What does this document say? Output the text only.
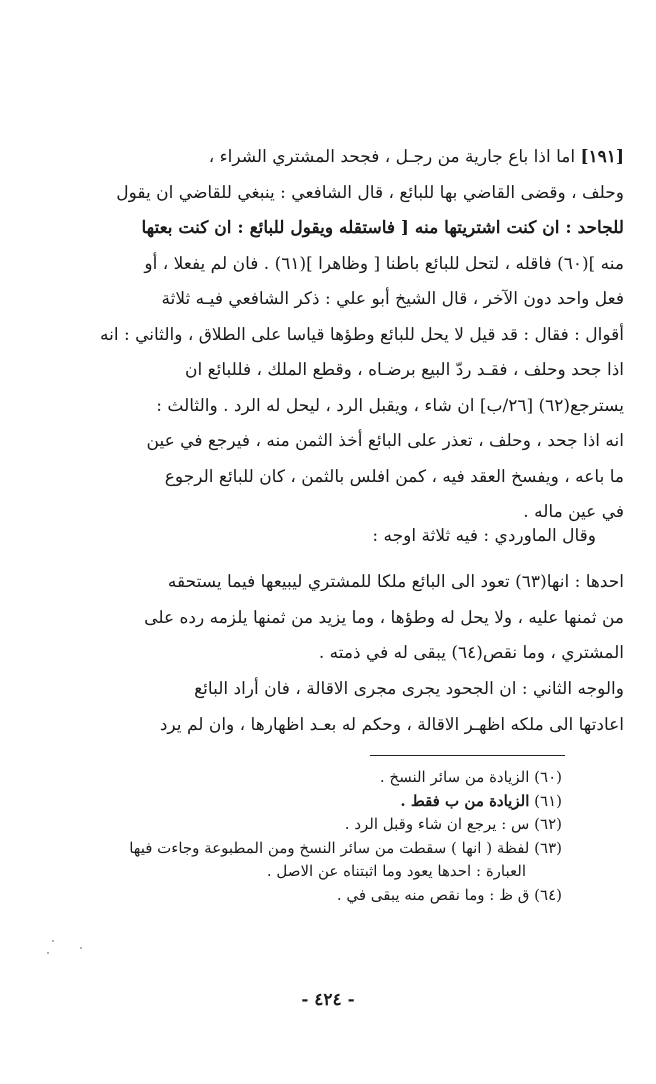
[١٩١] اما اذا باع جارية من رجـل ، فجحد المشتري الشراء ،

وحلف ، وقضى القاضي بها للبائع ، قال الشافعي : ينبغي للقاضي ان يقول

للجاحد : ان كنت اشتريتها منه [ فاستقله ويقول للبائع : ان كنت بعتها

منه ](٦٠) فاقله ، لتحل للبائع باطنا [ وظاهرا ](٦١) . فان لم يفعلا ، أو

فعل واحد دون الآخر ، قال الشيخ أبو علي : ذكر الشافعي فيـه ثلاثة

أقوال : فقال : قد قيل لا يحل للبائع وطؤها قياسا على الطلاق ، والثاني : انه

اذا جحد وحلف ، فقـد ردّ البيع برضـاه ، وقطع الملك ، فللبائع ان

يسترجع(٦٢) [٢٦/ب] ان شاء ، ويقبل الرد ، ليحل له الرد . والثالث :

انه اذا جحد ، وحلف ، تعذر على البائع أخذ الثمن منه ، فيرجع في عين

ما باعه ، ويفسخ العقد فيه ، كمن افلس بالثمن ، كان للبائع الرجوع

في عين ماله .

وقال الماوردي : فيه ثلاثة اوجه :

احدها : انها(٦٣) تعود الى البائع ملكا للمشتري ليبيعها فيما يستحقه

من ثمنها عليه ، ولا يحل له وطؤها ، وما يزيد من ثمنها يلزمه رده على

المشتري ، وما نقص(٦٤) يبقى له في ذمته .

والوجه الثاني : ان الجحود يجرى مجرى الاقالة ، فان أراد البائع

اعادتها الى ملكه اظهـر الاقالة ، وحكم له بعـد اظهارها ، وان لم يرد

(٦٠) الزيادة من سائر النسخ .

(٦١) الزيادة من ب فقط .

(٦٢) س : يرجع ان شاء وقبل الرد .

(٦٣) لفظة ( انها ) سقطت من سائر النسخ ومن المطبوعة وجاءت فيها

العبارة : احدها يعود وما اثبتناه عن الاصل .

(٦٤) ق ظ : وما نقص منه يبقى في .

- ٤٢٤ -
